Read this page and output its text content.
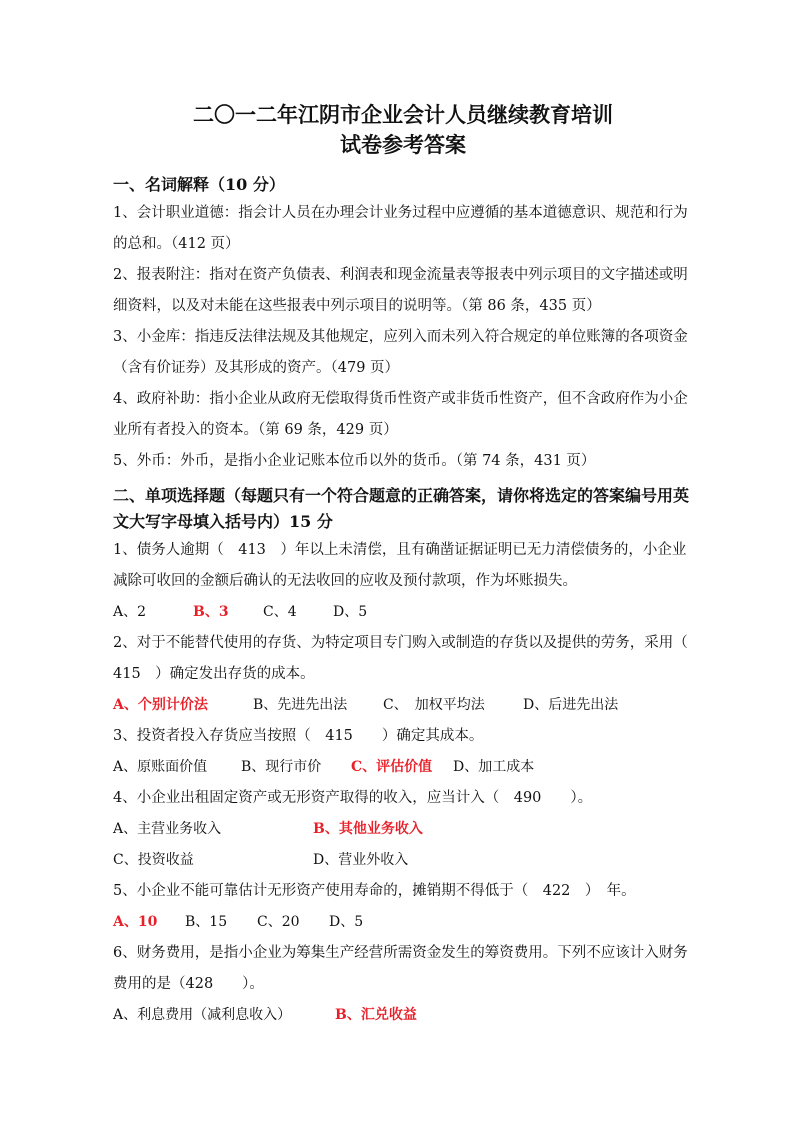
二〇一二年江阴市企业会计人员继续教育培训
试卷参考答案
一、名词解释（10 分）

1、会计职业道德：指会计人员在办理会计业务过程中应遵循的基本道德意识、规范和行为的总和。（412 页）

2、报表附注：指对在资产负债表、利润表和现金流量表等报表中列示项目的文字描述或明细资料，以及对未能在这些报表中列示项目的说明等。（第 86 条，435 页）

3、小金库：指违反法律法规及其他规定，应列入而未列入符合规定的单位账簿的各项资金（含有价证券）及其形成的资产。（479 页）

4、政府补助：指小企业从政府无偿取得货币性资产或非货币性资产，但不含政府作为小企业所有者投入的资本。（第 69 条，429 页）

5、外币：外币，是指小企业记账本位币以外的货币。（第 74 条，431 页）

二、单项选择题（每题只有一个符合题意的正确答案，请你将选定的答案编号用英文大写字母填入括号内）15 分

1、债务人逾期（　413　）年以上未清偿，且有确凿证据证明已无力清偿债务的，小企业减除可收回的金额后确认的无法收回的应收及预付款项，作为坏账损失。

A、2	B、3 C、4	D、5

2、对于不能替代使用的存货、为特定项目专门购入或制造的存货以及提供的劳务，采用（　415　）确定发出存货的成本。

A、个别计价法	B、先进先出法	C、　加权平均法	D、后进先出法

3、投资者投入存货应当按照（　415　　）确定其成本。

A、原账面价值 B、现行市价 C、评估价值 D、加工成本

4、小企业出租固定资产或无形资产取得的收入，应当计入（　490　　）。

A、主营业务收入	B、其他业务收入
C、投资收益	D、营业外收入

5、小企业不能可靠估计无形资产使用寿命的，摊销期不得低于（　422　）　年。

A、10 B、15 C、20 D、5

6、财务费用，是指小企业为筹集生产经营所需资金发生的筹资费用。下列不应该计入财务费用的是（428　　）。

A、利息费用（减利息收入）	B、汇兑收益
